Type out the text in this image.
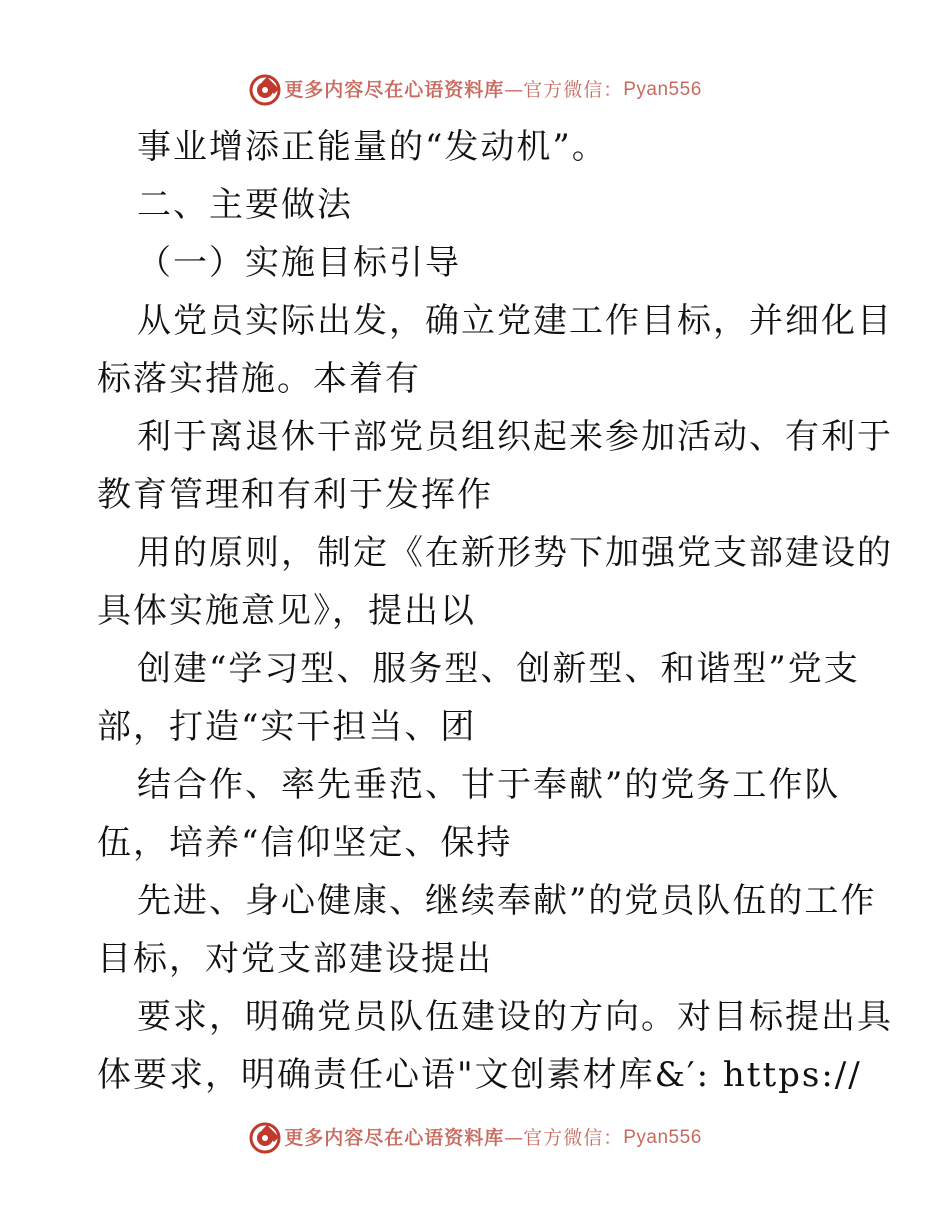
更多内容尽在心语资料库 — 官方微信： Pyan556
事业增添正能量的“发动机”。
二、主要做法
（一）实施目标引导
从党员实际出发，确立党建工作目标，并细化目
标落实措施。本着有
利于离退休干部党员组织起来参加活动、有利于
教育管理和有利于发挥作
用的原则，制定《在新形势下加强党支部建设的
具体实施意见》，提出以
创建“学习型、服务型、创新型、和谐型”党支
部，打造“实干担当、团
结合作、率先垂范、甘于奉献”的党务工作队
伍，培养“信仰坚定、保持
先进、身心健康、继续奉献”的党员队伍的工作
目标，对党支部建设提出
要求，明确党员队伍建设的方向。对目标提出具
体要求，明确责任心语"文创素材库&′: https://
更多内容尽在心语资料库 — 官方微信： Pyan556
